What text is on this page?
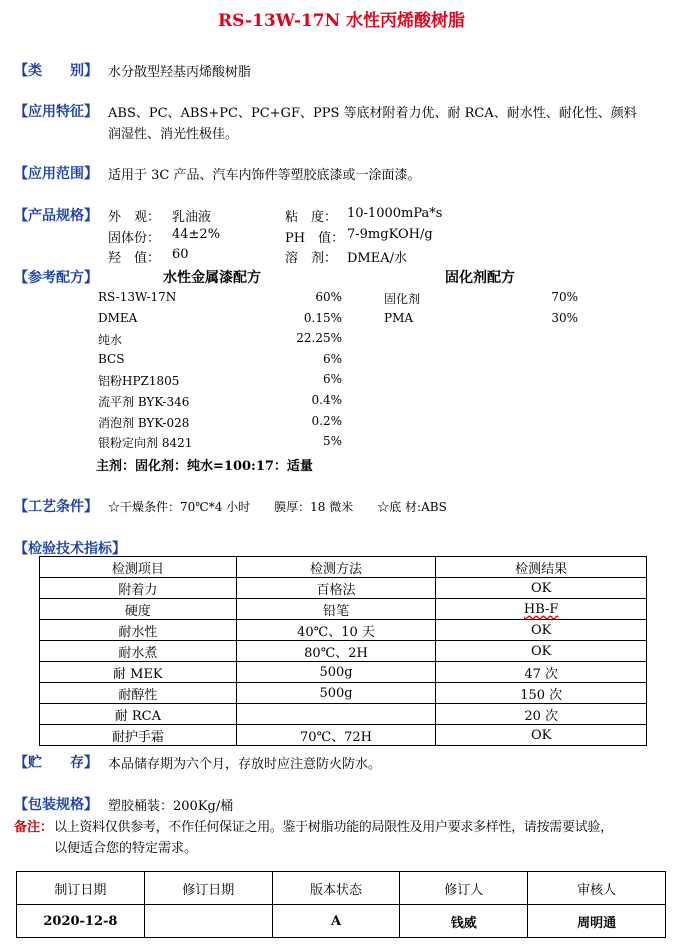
RS-13W-17N 水性丙烯酸树脂
【类　　别】 水分散型羟基丙烯酸树脂
【应用特征】 ABS、PC、ABS+PC、PC+GF、PPS 等底材附着力优、耐 RCA、耐水性、耐化性、颜料
润湿性、消光性极佳。
【应用范围】 适用于 3C 产品、汽车内饰件等塑胶底漆或一涂面漆。
【产品规格】 外　观： 乳油液	粘　度： 10-1000mPa*s
固体份： 44±2%	PH　值： 7-9mgKOH/g
羟　值： 60	溶　剂： DMEA/水
【参考配方】	水性金属漆配方	固化剂配方
RS-13W-17N	60%
DMEA	0.15%
纯水	22.25%
BCS	6%
铝粉HPZ1805	6%
流平剂 BYK-346	0.4%
消泡剂 BYK-028	0.2%
银粉定向剂 8421	5%
固化剂	70%
PMA	30%
主剂：固化剂：纯水=100:17：适量
【工艺条件】 ☆干燥条件：70℃*4 小时　　膜厚：18 微米　　☆底 材:ABS
【检验技术指标】
检测项目	检测方法	检测结果
附着力	百格法	OK
硬度	铅笔	HB-F
耐水性	40℃、10 天	OK
耐水煮	80℃、2H	OK
耐 MEK	500g	47 次
耐醇性	500g	150 次
耐 RCA		20 次
耐护手霜	70℃、72H	OK
【贮　　存】 本品储存期为六个月，存放时应注意防火防水。
【包装规格】 塑胶桶装：200Kg/桶
备注： 以上资料仅供参考，不作任何保证之用。鉴于树脂功能的局限性及用户要求多样性，请按需要试验，
以便适合您的特定需求。
制订日期	修订日期	版本状态	修订人	审核人
2020-12-8		A	钱威	周明通
